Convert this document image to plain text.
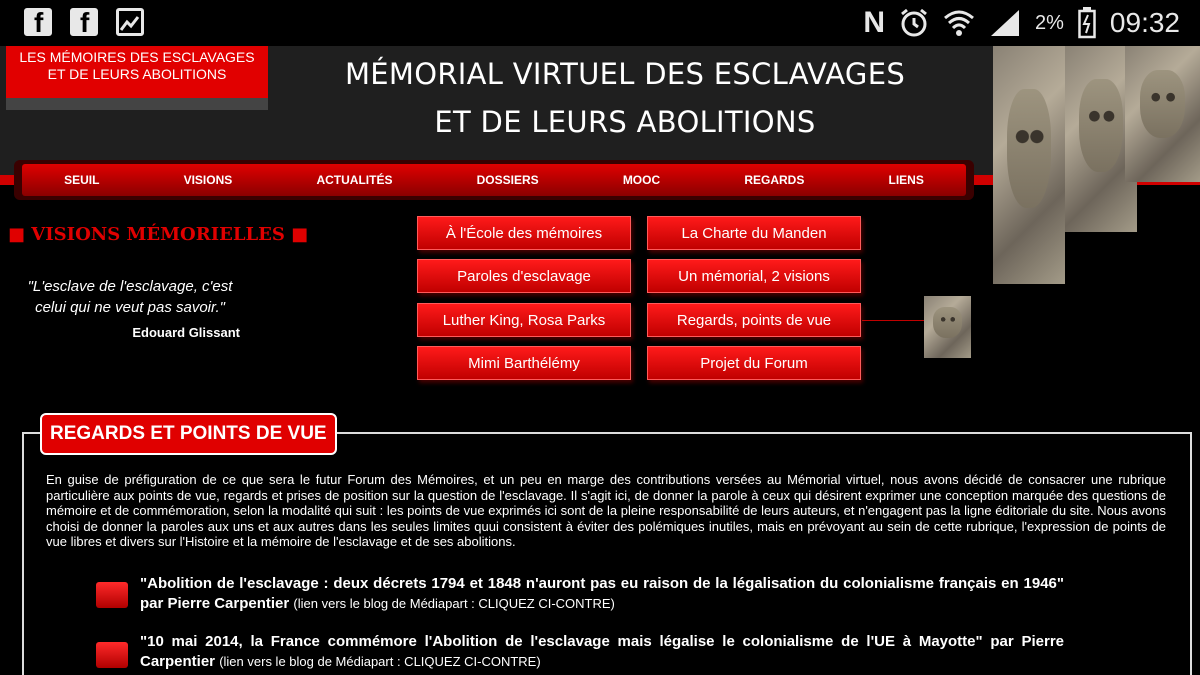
f
f
N	2% 09:32
LES MÉMOIRES DES ESCLAVAGES
ET DE LEURS ABOLITIONS	MÉMORIAL VIRTUEL DES ESCLAVAGES
ET DE LEURS ABOLITIONS
SEUIL	VISIONS	ACTUALITÉS	DOSSIERS	MOOC	REGARDS	LIENS
■ VISIONS MÉMORIELLES ■
"L'esclave de l'esclavage, c'est celui qui ne veut pas savoir."
Edouard Glissant
À l'École des mémoires	La Charte du Manden
Paroles d'esclavage	Un mémorial, 2 visions
Luther King, Rosa Parks	Regards, points de vue
Mimi Barthélémy	Projet du Forum
REGARDS ET POINTS DE VUE
En guise de préfiguration de ce que sera le futur Forum des Mémoires, et un peu en marge des contributions versées au Mémorial virtuel, nous avons décidé de consacrer une rubrique particulière aux points de vue, regards et prises de position sur la question de l'esclavage. Il s'agit ici, de donner la parole à ceux qui désirent exprimer une conception marquée des questions de mémoire et de commémoration, selon la modalité qui suit : les points de vue exprimés ici sont de la pleine responsabilité de leurs auteurs, et n'engagent pas la ligne éditoriale du site. Nous avons choisi de donner la paroles aux uns et aux autres dans les seules limites quui consistent à éviter des polémiques inutiles, mais en prévoyant au sein de cette rubrique, l'expression de points de vue libres et divers sur l'Histoire et la mémoire de l'esclavage et de ses abolitions.
"Abolition de l'esclavage : deux décrets 1794 et 1848 n'auront pas eu raison de la légalisation du colonialisme français en 1946" par Pierre Carpentier (lien vers le blog de Médiapart : CLIQUEZ CI-CONTRE)
"10 mai 2014, la France commémore l'Abolition de l'esclavage mais légalise le colonialisme de l'UE à Mayotte" par Pierre Carpentier (lien vers le blog de Médiapart : CLIQUEZ CI-CONTRE)
